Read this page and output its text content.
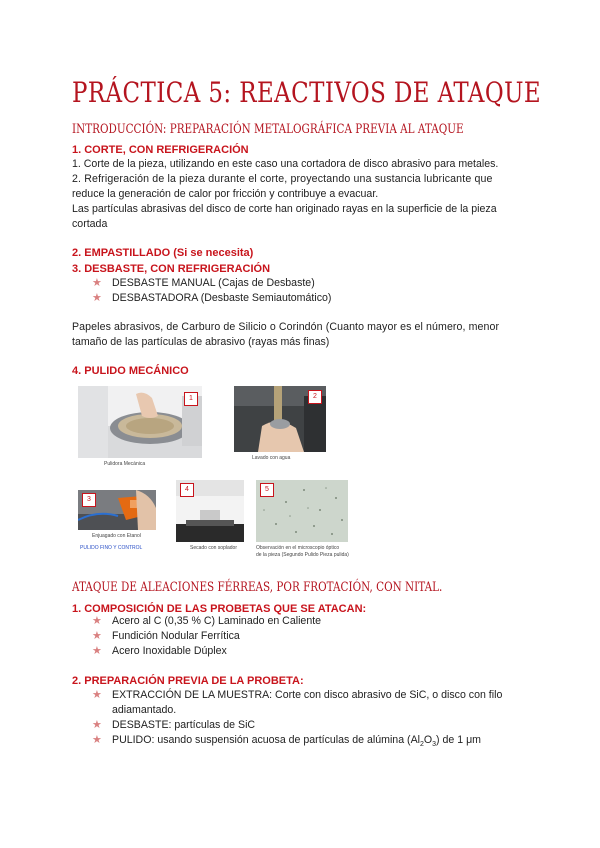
PRÁCTICA 5: REACTIVOS DE ATAQUE
INTRODUCCIÓN: PREPARACIÓN METALOGRÁFICA PREVIA AL ATAQUE
1. CORTE, CON REFRIGERACIÓN
1. Corte de la pieza, utilizando en este caso una cortadora de disco abrasivo para metales.
2. Refrigeración de la pieza durante el corte, proyectando una sustancia lubricante que
reduce la generación de calor por fricción y contribuye a evacuar.
Las partículas abrasivas del disco de corte han originado rayas en la superficie de la pieza
cortada
2. EMPASTILLADO (Si se necesita)
3. DESBASTE, CON REFRIGERACIÓN
★ DESBASTE MANUAL (Cajas de Desbaste)
★ DESBASTADORA (Desbaste Semiautomático)
Papeles abrasivos, de Carburo de Silicio o Corindón (Cuanto mayor es el número, menor
tamaño de las partículas de abrasivo (rayas más finas)
4. PULIDO MECÁNICO
1
Pulidora Mecánica
2
Lavado con agua
3
Enjuagado con Etanol
PULIDO FINO Y CONTROL
4
Secado con soplador
5
Observación en el microscopio óptico
de la pieza (Segundo Pulido Pieza pulida)
ATAQUE DE ALEACIONES FÉRREAS, POR FROTACIÓN, CON NITAL.
1. COMPOSICIÓN DE LAS PROBETAS QUE SE ATACAN:
★ Acero al C (0,35 % C) Laminado en Caliente
★ Fundición Nodular Ferrítica
★ Acero Inoxidable Dúplex
2. PREPARACIÓN PREVIA DE LA PROBETA:
★ EXTRACCIÓN DE LA MUESTRA: Corte con disco abrasivo de SiC, o disco con filo
adiamantado.
★ DESBASTE: partículas de SiC
★ PULIDO: usando suspensión acuosa de partículas de alúmina $(Al_2O_3)$ de 1 μm
